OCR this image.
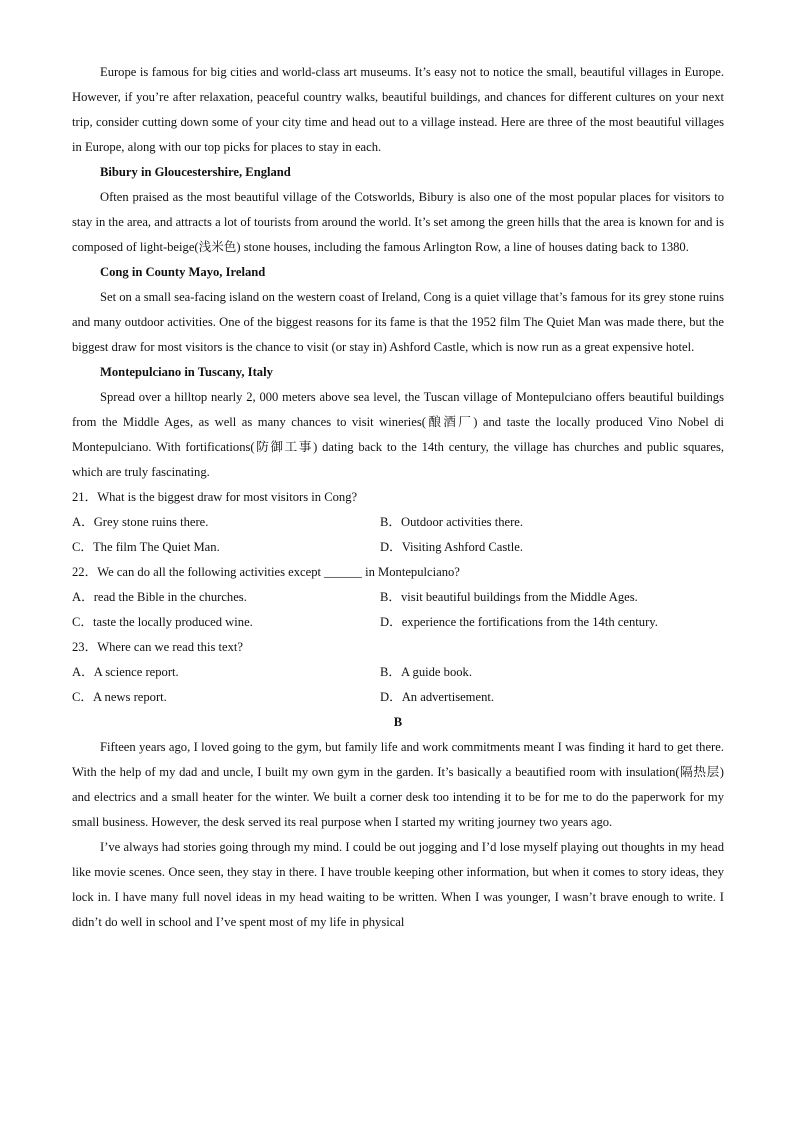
Europe is famous for big cities and world-class art museums. It’s easy not to notice the small, beautiful villages in Europe. However, if you’re after relaxation, peaceful country walks, beautiful buildings, and chances for different cultures on your next trip, consider cutting down some of your city time and head out to a village instead. Here are three of the most beautiful villages in Europe, along with our top picks for places to stay in each.

Bibury in Gloucestershire, England

Often praised as the most beautiful village of the Cotsworlds, Bibury is also one of the most popular places for visitors to stay in the area, and attracts a lot of tourists from around the world. It’s set among the green hills that the area is known for and is composed of light-beige(浅米色) stone houses, including the famous Arlington Row, a line of houses dating back to 1380.

Cong in County Mayo, Ireland

Set on a small sea-facing island on the western coast of Ireland, Cong is a quiet village that’s famous for its grey stone ruins and many outdoor activities. One of the biggest reasons for its fame is that the 1952 film The Quiet Man was made there, but the biggest draw for most visitors is the chance to visit (or stay in) Ashford Castle, which is now run as a great expensive hotel.

Montepulciano in Tuscany, Italy

Spread over a hilltop nearly 2, 000 meters above sea level, the Tuscan village of Montepulciano offers beautiful buildings from the Middle Ages, as well as many chances to visit wineries(酿酒厂) and taste the locally produced Vino Nobel di Montepulciano. With fortifications(防御工事) dating back to the 14th century, the village has churches and public squares, which are truly fascinating.

21．What is the biggest draw for most visitors in Cong?

A．Grey stone ruins there.	B．Outdoor activities there.
C．The film The Quiet Man.	D．Visiting Ashford Castle.

22．We can do all the following activities except ______ in Montepulciano?

A．read the Bible in the churches.	B．visit beautiful buildings from the Middle Ages.
C．taste the locally produced wine.	D．experience the fortifications from the 14th century.

23．Where can we read this text?

A．A science report.	B．A guide book.
C．A news report.	D．An advertisement.

B

Fifteen years ago, I loved going to the gym, but family life and work commitments meant I was finding it hard to get there. With the help of my dad and uncle, I built my own gym in the garden. It’s basically a beautified room with insulation(隔热层) and electrics and a small heater for the winter. We built a corner desk too intending it to be for me to do the paperwork for my small business. However, the desk served its real purpose when I started my writing journey two years ago.

I’ve always had stories going through my mind. I could be out jogging and I’d lose myself playing out thoughts in my head like movie scenes. Once seen, they stay in there. I have trouble keeping other information, but when it comes to story ideas, they lock in. I have many full novel ideas in my head waiting to be written. When I was younger, I wasn’t brave enough to write. I didn’t do well in school and I’ve spent most of my life in physical
